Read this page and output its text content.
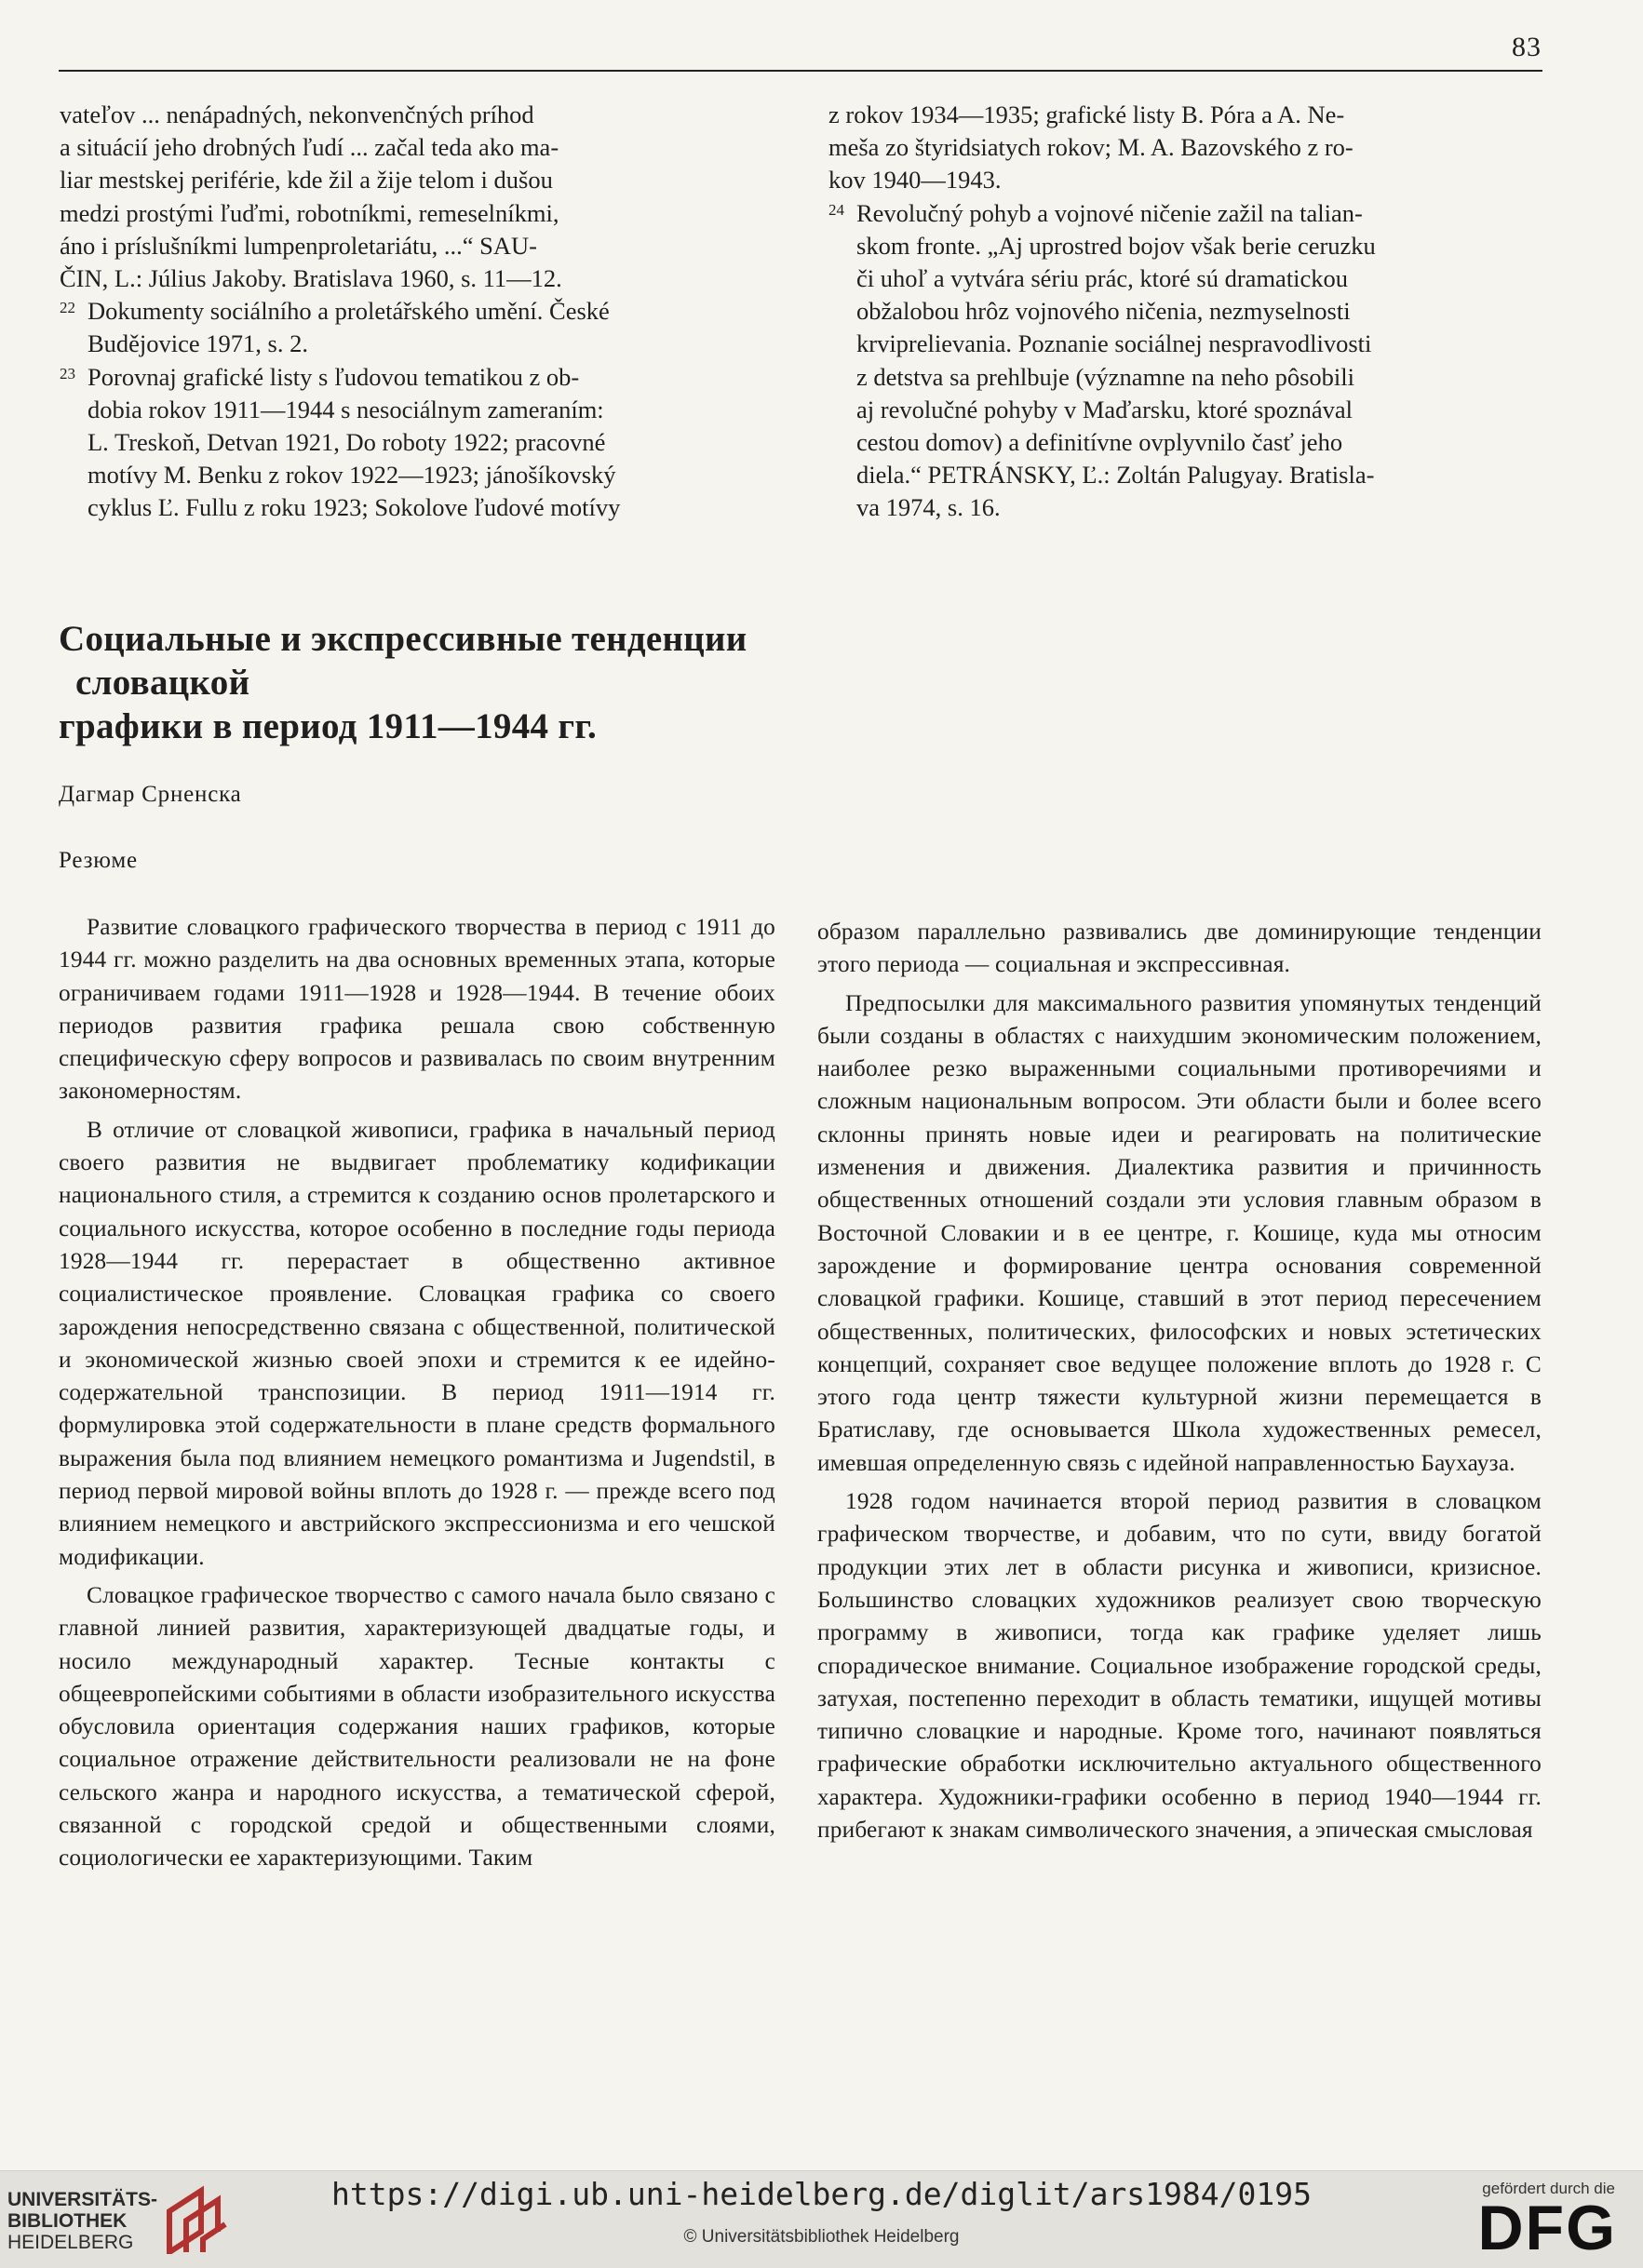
83

vateľov ... nenápadných, nekonvenčných príhod
a situácií jeho drobných ľudí ... začal teda ako ma-
liar mestskej periférie, kde žil a žije telom i dušou
medzi prostými ľuďmi, robotníkmi, remeselníkmi,
áno i príslušníkmi lumpenproletariátu, ...“ SAU-
ČIN, L.: Július Jakoby. Bratislava 1960, s. 11—12.

22 Dokumenty sociálního a proletářského umění. České
Budějovice 1971, s. 2.
23 Porovnaj grafické listy s ľudovou tematikou z ob-
dobia rokov 1911—1944 s nesociálnym zameraním:
L. Treskoň, Detvan 1921, Do roboty 1922; pracovné
motívy M. Benku z rokov 1922—1923; jánošíkovský
cyklus Ľ. Fullu z roku 1923; Sokolove ľudové motívy

z rokov 1934—1935; grafické listy B. Póra a A. Ne-
meša zo štyridsiatych rokov; M. A. Bazovského z ro-
kov 1940—1943.

24 Revolučný pohyb a vojnové ničenie zažil na talian-
skom fronte. „Aj uprostred bojov však berie ceruzku
či uhoľ a vytvára sériu prác, ktoré sú dramatickou
obžalobou hrôz vojnového ničenia, nezmyselnosti
krviprelievania. Poznanie sociálnej nespravodlivosti
z detstva sa prehlbuje (významne na neho pôsobili
aj revolučné pohyby v Maďarsku, ktoré spoznával
cestou domov) a definitívne ovplyvnilo časť jeho
diela.“ PETRÁNSKY, Ľ.: Zoltán Palugyay. Bratisla-
va 1974, s. 16.
Социальные и экспрессивные тенденции
словацкой
графики в период 1911—1944 гг.
Дагмар Срненска
Резюме

Развитие словацкого графического творчества в период с 1911 до 1944 гг. можно разделить на два основных временных этапа, которые ограничиваем годами 1911—1928 и 1928—1944. В течение обоих периодов развития графика решала свою собственную специфическую сферу вопросов и развивалась по своим внутренним закономерностям.

В отличие от словацкой живописи, графика в начальный период своего развития не выдвигает проблематику кодификации национального стиля, а стремится к созданию основ пролетарского и социального искусства, которое особенно в последние годы периода 1928—1944 гг. перерастает в общественно активное социалистическое проявление. Словацкая графика со своего зарождения непосредственно связана с общественной, политической и экономической жизнью своей эпохи и стремится к ее идейно-содержательной транспозиции. В период 1911—1914 гг. формулировка этой содержательности в плане средств формального выражения была под влиянием немецкого романтизма и Jugendstil, в период первой мировой войны вплоть до 1928 г. — прежде всего под влиянием немецкого и австрийского экспрессионизма и его чешской модификации.

Словацкое графическое творчество с самого начала было связано с главной линией развития, характеризующей двадцатые годы, и носило международный характер. Тесные контакты с общеевропейскими событиями в области изобразительного искусства обусловила ориентация содержания наших графиков, которые социальное отражение действительности реализовали не на фоне сельского жанра и народного искусства, а тематической сферой, связанной с городской средой и общественными слоями, социологически ее характеризующими. Таким

образом параллельно развивались две доминирующие тенденции этого периода — социальная и экспрессивная.

Предпосылки для максимального развития упомянутых тенденций были созданы в областях с наихудшим экономическим положением, наиболее резко выраженными социальными противоречиями и сложным национальным вопросом. Эти области были и более всего склонны принять новые идеи и реагировать на политические изменения и движения. Диалектика развития и причинность общественных отношений создали эти условия главным образом в Восточной Словакии и в ее центре, г. Кошице, куда мы относим зарождение и формирование центра основания современной словацкой графики. Кошице, ставший в этот период пересечением общественных, политических, философских и новых эстетических концепций, сохраняет свое ведущее положение вплоть до 1928 г. С этого года центр тяжести культурной жизни перемещается в Братиславу, где основывается Школа художественных ремесел, имевшая определенную связь с идейной направленностью Баухауза.

1928 годом начинается второй период развития в словацком графическом творчестве, и добавим, что по сути, ввиду богатой продукции этих лет в области рисунка и живописи, кризисное. Большинство словацких художников реализует свою творческую программу в живописи, тогда как графике уделяет лишь спорадическое внимание. Социальное изображение городской среды, затухая, постепенно переходит в область тематики, ищущей мотивы типично словацкие и народные. Кроме того, начинают появляться графические обработки исключительно актуального общественного характера. Художники-графики особенно в период 1940—1944 гг. прибегают к знакам символического значения, а эпическая смысловая

UNIVERSITÄTS-
BIBLIOTHEK
HEIDELBERG
https://digi.ub.uni-heidelberg.de/diglit/ars1984/0195
© Universitätsbibliothek Heidelberg
gefördert durch die
DFG
